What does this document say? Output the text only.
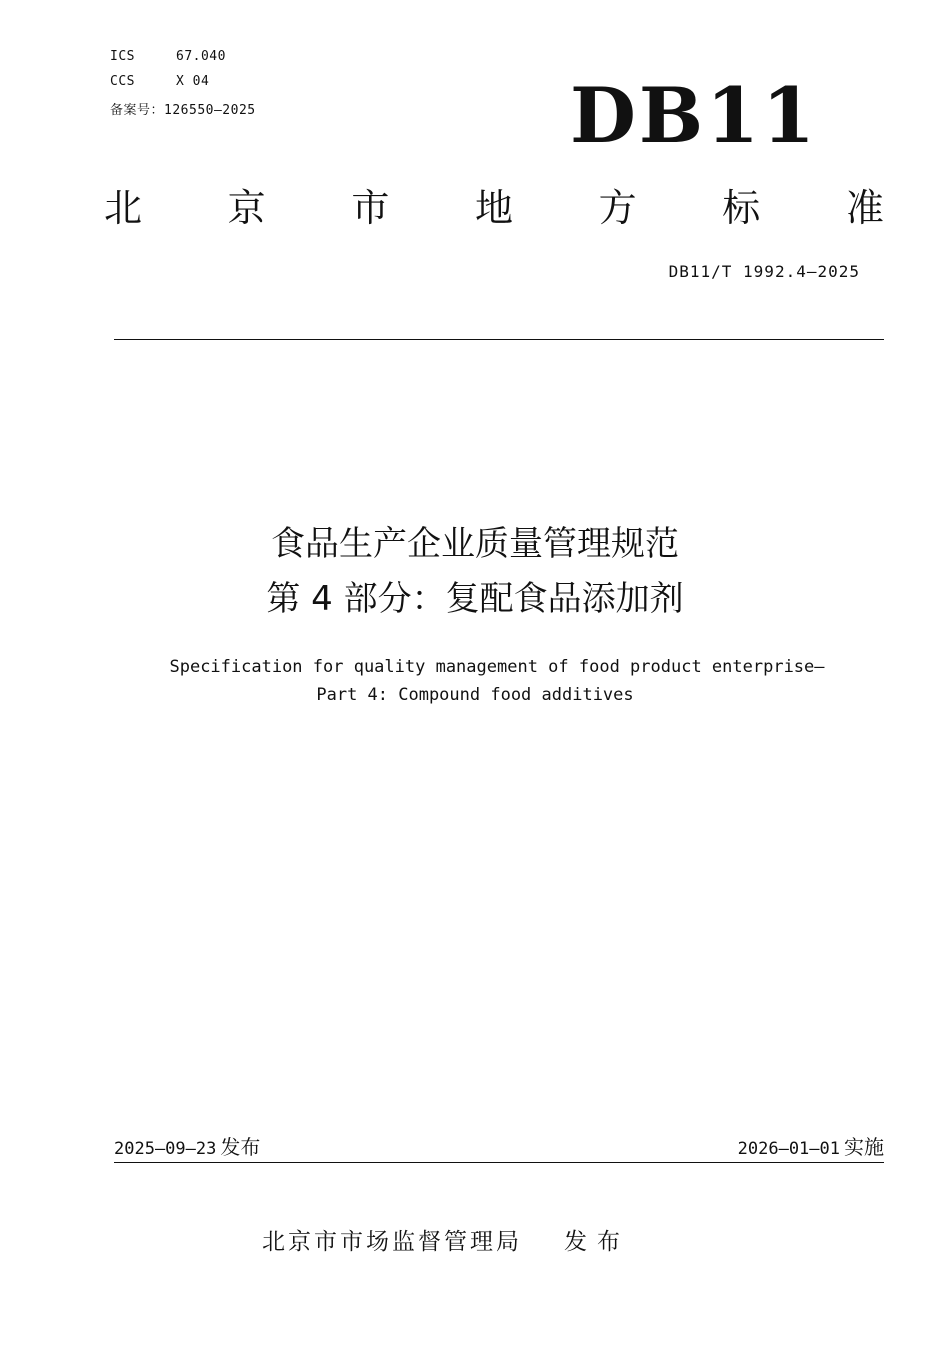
ICS	67.040
CCS	X 04
备案号：126550—2025	DB11
北 京 市 地 方 标 准
DB11/T 1992.4—2025
食品生产企业质量管理规范
第 4 部分：复配食品添加剂
Specification for quality management of food product enterprise—
Part 4: Compound food additives
2025–09–23 发布	2026–01–01 实施
北京市市场监督管理局 发布
